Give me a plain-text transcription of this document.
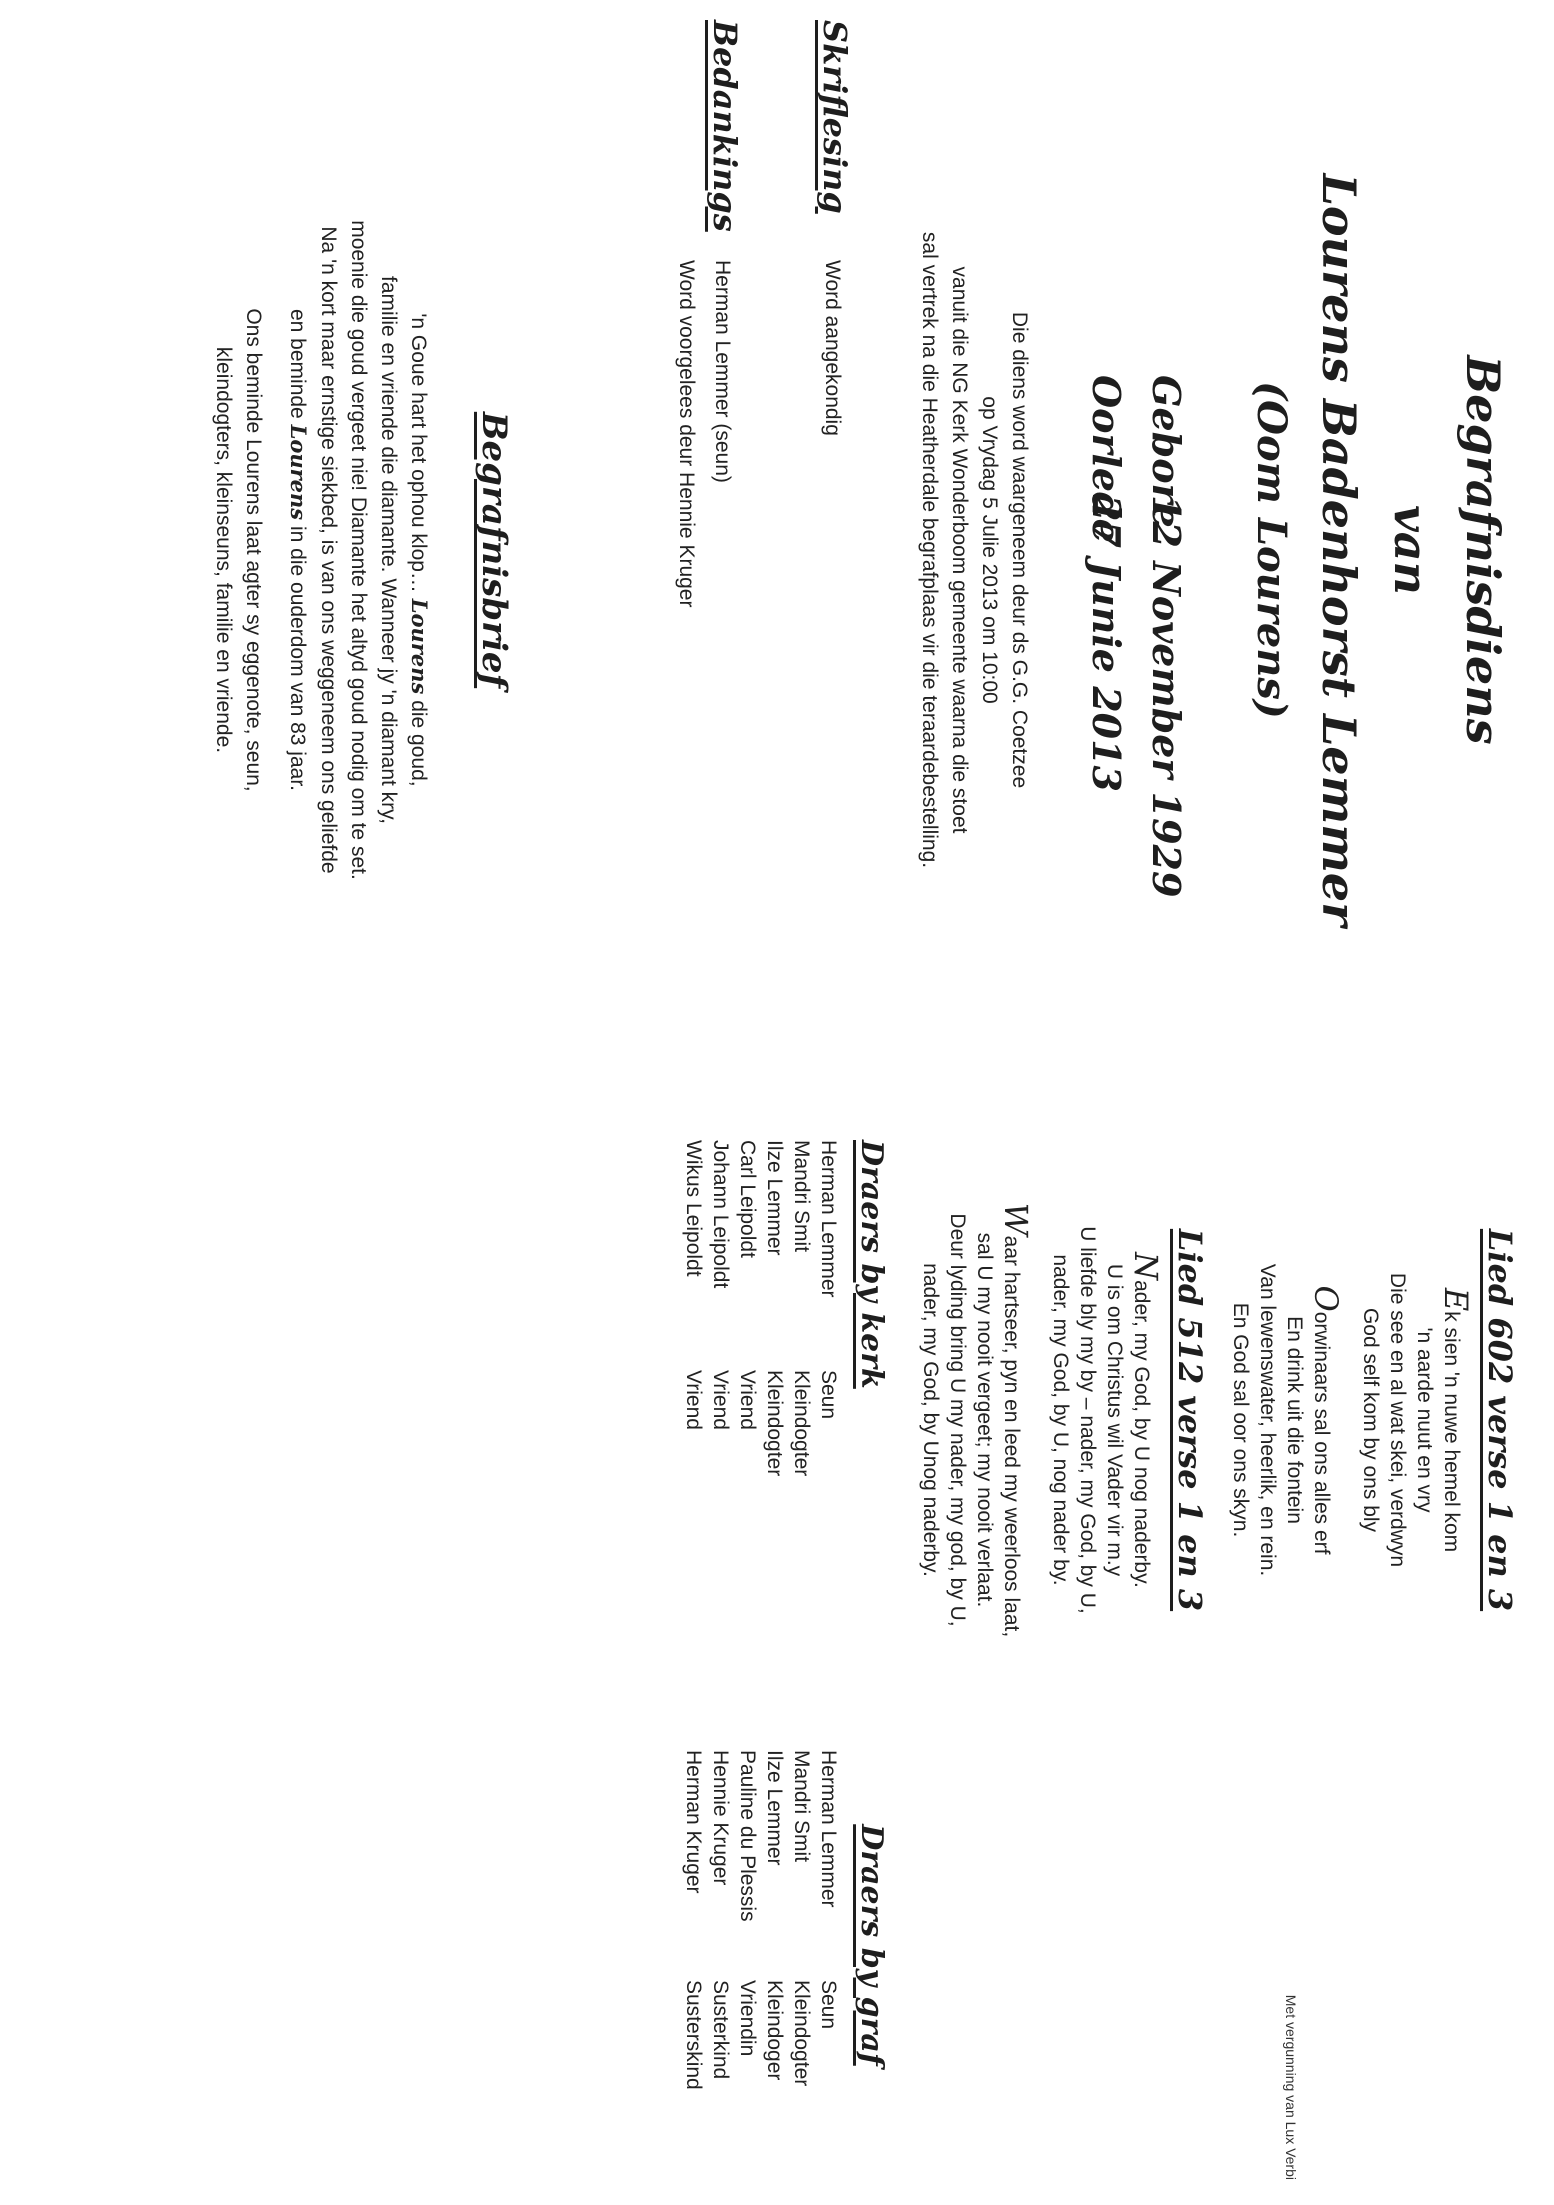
Begrafnisdiens

van

Lourens Badenhorst Lemmer

(Oom Lourens)

Gebore
12 November 1929
Oorlede
27 Junie 2013
Die diens word waargeneem deur ds G.G. Coetzee
op Vrydag 5 Julie 2013 om 10:00
vanuit die NG Kerk Wonderboom gemeente waarna die stoet
sal vertrek na die Heatherdale begrafplaas vir die teraardebestelling.
Skriflesing
Word aangekondig
Bedankings
Herman Lemmer (seun)
Word voorgelees deur Hennie Kruger
Begrafnisbrief

'n Goue hart het ophou klop… Lourens die goud,
familie en vriende die diamante. Wanneer jy 'n diamant kry,
moenie die goud vergeet nie! Diamante het altyd goud nodig om te set.
Na 'n kort maar ernstige siekbed, is van ons weggeneem ons geliefde
en beminde Lourens in die ouderdom van 83 jaar.

Ons beminde Lourens laat agter sy eggenote, seun,
kleindogters, kleinseuns, familie en vriende.

Lied 602 verse 1 en 3

Ek sien 'n nuwe hemel kom
'n aarde nuut en vry
Die see en al wat skei, verdwyn
God self kom by ons bly
Oorwinaars sal ons alles erf
En drink uit die fontein
Van lewenswater, heerlik, en rein.
En God sal oor ons skyn.

Lied 512 verse 1 en 3

Nader, my God, by U nog naderby.
U is om Christus wil Vader vir m.y
U liefde bly my by – nader, my God, by U,
nader, my God, by U, nog nader by.
Waar hartseer, pyn en leed my weerloos laat,
sal U my nooit vergeet; my nooit verlaat.
Deur lyding bring U my nader, my god, by U,
nader, my God, by Unog naderby.
Met vergunning van Lux Verbi
Draers by kerk
Herman Lemmer
Mandri Smit
Ilze Lemmer
Carl Leipoldt
Johann Leipoldt
Wikus Leipoldt
Seun
Kleindogter
Kleindogter
Vriend
Vriend
Vriend
Draers by graf
Herman Lemmer
Mandri Smit
Ilze Lemmer
Pauline du Plessis
Hennie Kruger
Herman Kruger
Seun
Kleindogter
Kleindoger
Vriendin
Susterkind
Susterskind
